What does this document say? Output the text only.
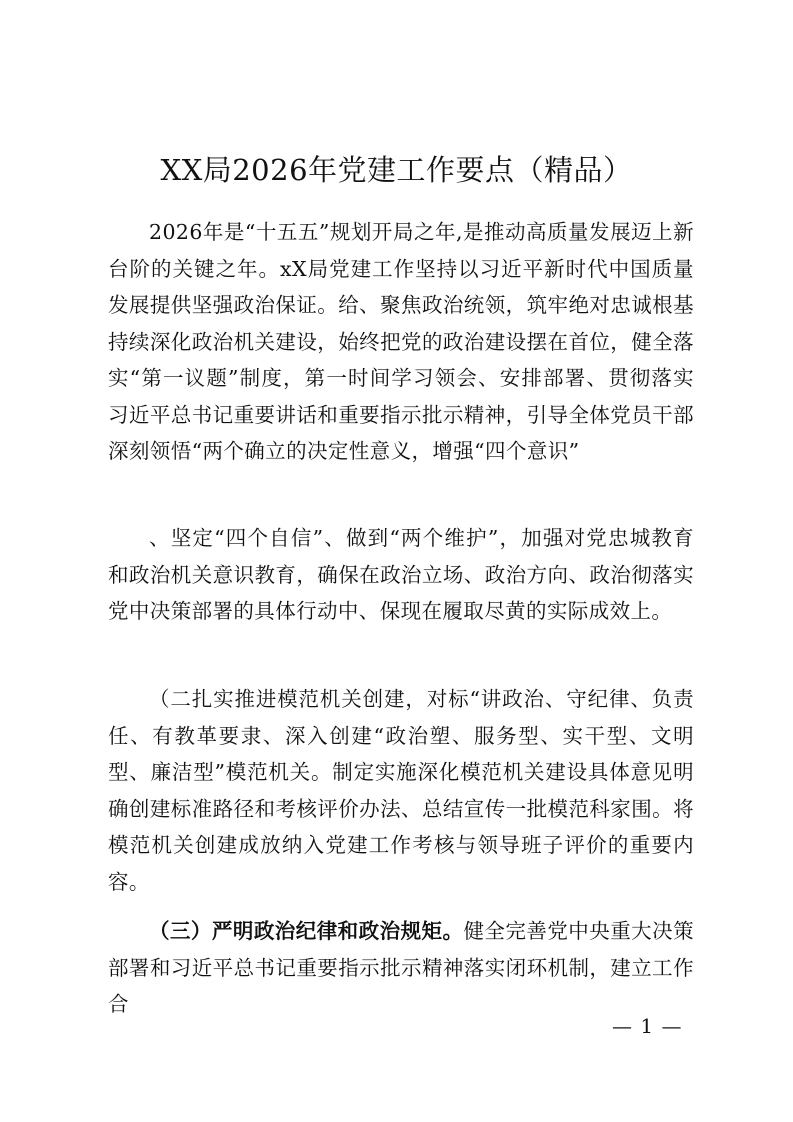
XX局2026年党建工作要点（精品）

2026年是“十五五”规划开局之年,是推动高质量发展迈上新台阶的关键之年。xX局党建工作坚持以习近平新时代中国质量发展提供坚强政治保证。给、聚焦政治统领，筑牢绝对忠诚根基持续深化政治机关建设，始终把党的政治建设摆在首位，健全落实“第一议题”制度，第一时间学习领会、安排部署、贯彻落实习近平总书记重要讲话和重要指示批示精神，引导全体党员干部深刻领悟“两个确立的决定性意义，增强“四个意识”

、坚定“四个自信”、做到“两个维护”，加强对党忠城教育和政治机关意识教育，确保在政治立场、政治方向、政治彻落实党中决策部署的具体行动中、保现在履取尽黄的实际成效上。

（二扎实推进模范机关创建，对标“讲政治、守纪律、负责任、有教革要隶、深入创建“政治塑、服务型、实干型、文明型、廉洁型”模范机关。制定实施深化模范机关建设具体意见明确创建标准路径和考核评价办法、总结宣传一批模范科家围。将模范机关创建成放纳入党建工作考核与领导班子评价的重要内容。

（三）严明政治纪律和政治规矩。健全完善党中央重大决策部署和习近平总书记重要指示批示精神落实闭环机制，建立工作合

— 1 —
